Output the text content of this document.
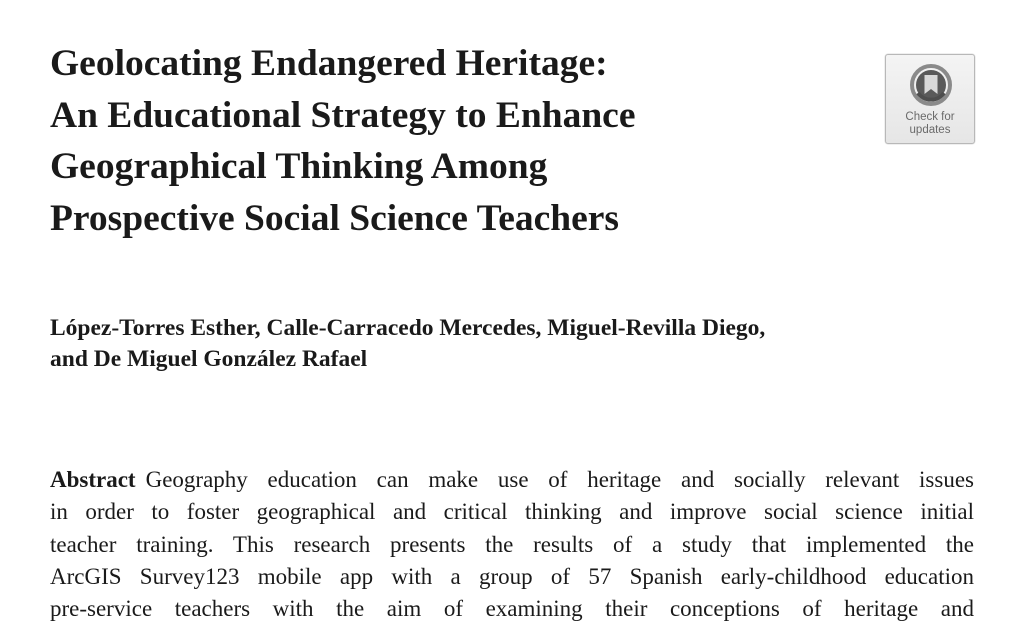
Geolocating Endangered Heritage:
An Educational Strategy to Enhance
Geographical Thinking Among
Prospective Social Science Teachers
Check for
updates

López-Torres Esther, Calle-Carracedo Mercedes, Miguel-Revilla Diego,
and De Miguel González Rafael

Abstract Geography education can make use of heritage and socially relevant issues
in order to foster geographical and critical thinking and improve social science initial
teacher training. This research presents the results of a study that implemented the
ArcGIS Survey123 mobile app with a group of 57 Spanish early-childhood education
pre-service teachers with the aim of examining their conceptions of heritage and
